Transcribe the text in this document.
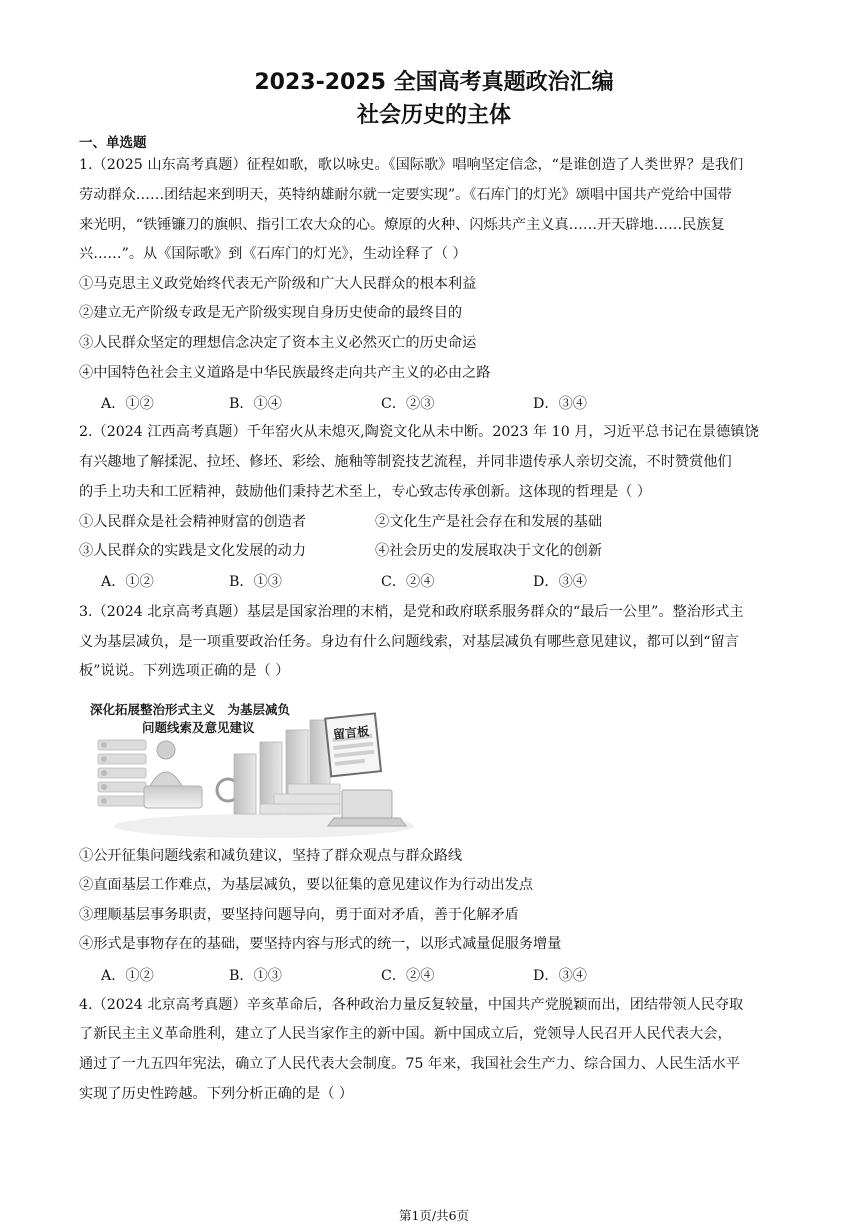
2023-2025 全国高考真题政治汇编
社会历史的主体
一、单选题
1.（2025 山东高考真题）征程如歌，歌以咏史。《国际歌》唱响坚定信念，“是谁创造了人类世界？是我们
劳动群众……团结起来到明天，英特纳雄耐尔就一定要实现”。《石库门的灯光》颂唱中国共产党给中国带
来光明，“铁锤镰刀的旗帜、指引工农大众的心。燎原的火种、闪烁共产主义真……开天辟地……民族复
兴……”。从《国际歌》到《石库门的灯光》，生动诠释了（ ）
①马克思主义政党始终代表无产阶级和广大人民群众的根本利益
②建立无产阶级专政是无产阶级实现自身历史使命的最终目的
③人民群众坚定的理想信念决定了资本主义必然灭亡的历史命运
④中国特色社会主义道路是中华民族最终走向共产主义的必由之路
A．①②	B．①④	C．②③	D．③④
2.（2024 江西高考真题）千年窑火从未熄灭,陶瓷文化从未中断。2023 年 10 月，习近平总书记在景德镇饶
有兴趣地了解揉泥、拉坯、修坯、彩绘、施釉等制瓷技艺流程，并同非遗传承人亲切交流，不时赞赏他们
的手上功夫和工匠精神，鼓励他们秉持艺术至上，专心致志传承创新。这体现的哲理是（ ）
①人民群众是社会精神财富的创造者	②文化生产是社会存在和发展的基础
③人民群众的实践是文化发展的动力	④社会历史的发展取决于文化的创新
A．①②	B．①③	C．②④	D．③④
3.（2024 北京高考真题）基层是国家治理的末梢，是党和政府联系服务群众的“最后一公里”。整治形式主
义为基层减负，是一项重要政治任务。身边有什么问题线索，对基层减负有哪些意见建议，都可以到“留言
板”说说。下列选项正确的是（ ）
深化拓展整治形式主义　为基层减负
问题线索及意见建议	留言板
①公开征集问题线索和减负建议，坚持了群众观点与群众路线
②直面基层工作难点，为基层减负，要以征集的意见建议作为行动出发点
③理顺基层事务职责，要坚持问题导向，勇于面对矛盾，善于化解矛盾
④形式是事物存在的基础，要坚持内容与形式的统一，以形式减量促服务增量
A．①②	B．①③	C．②④	D．③④
4.（2024 北京高考真题）辛亥革命后，各种政治力量反复较量，中国共产党脱颖而出，团结带领人民夺取
了新民主主义革命胜利，建立了人民当家作主的新中国。新中国成立后，党领导人民召开人民代表大会，
通过了一九五四年宪法，确立了人民代表大会制度。75 年来，我国社会生产力、综合国力、人民生活水平
实现了历史性跨越。下列分析正确的是（ ）
第1页/共6页
